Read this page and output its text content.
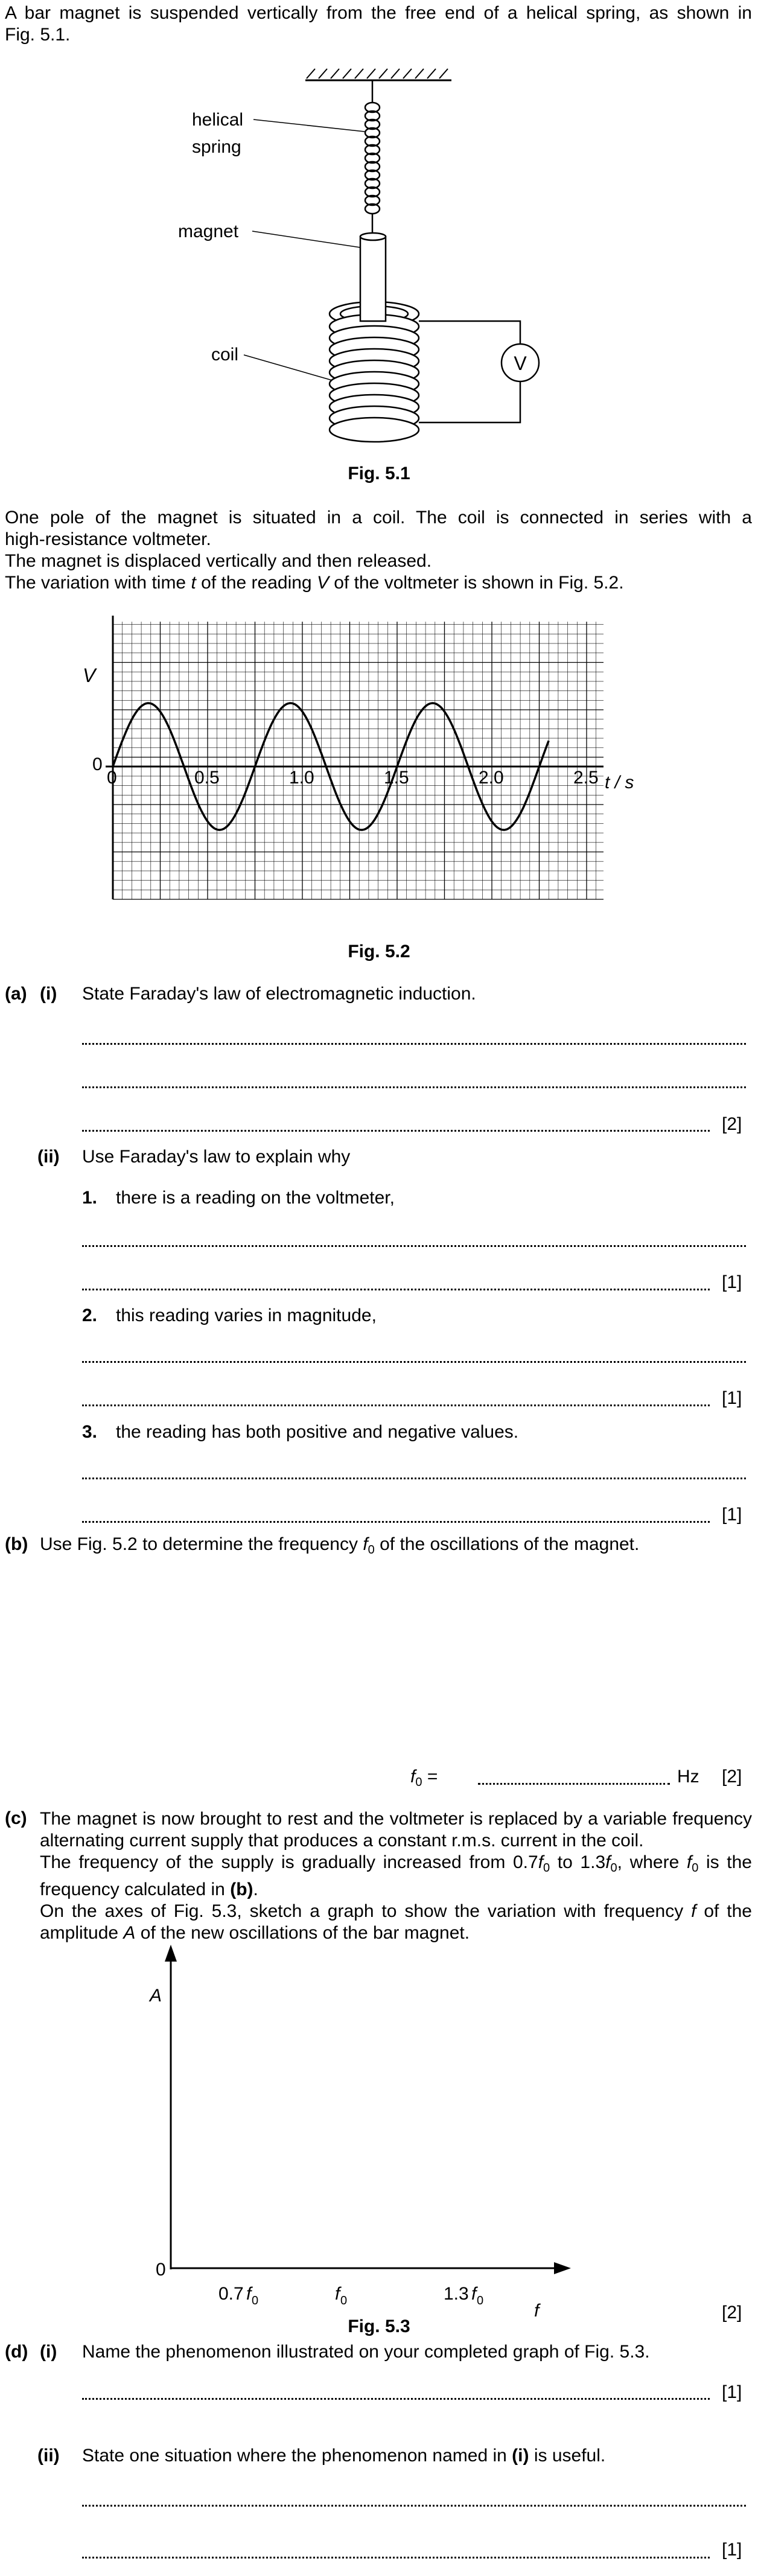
A bar magnet is suspended vertically from the free end of a helical spring, as shown in
Fig. 5.1.
V
helical
spring
magnet
coil
Fig. 5.1
One pole of the magnet is situated in a coil. The coil is connected in series with a
high-resistance voltmeter.
The magnet is displaced vertically and then released.
The variation with time t of the reading V of the voltmeter is shown in Fig. 5.2.
0	0.5	1.0	1.5	2.0	2.5
0
V
t / s
Fig. 5.2
(a) (i) State Faraday's law of electromagnetic induction.
[2]
(ii) Use Faraday's law to explain why
1. there is a reading on the voltmeter,
[1]
2. this reading varies in magnitude,
[1]
3. the reading has both positive and negative values.
[1]
(b) Use Fig. 5.2 to determine the frequency $f_0$ of the oscillations of the magnet.
$f_0$ =	Hz [2]
(c) The magnet is now brought to rest and the voltmeter is replaced by a variable frequency
alternating current supply that produces a constant r.m.s. current in the coil.
The frequency of the supply is gradually increased from $0.7f_0$ to $1.3f_0$, where $f_0$ is the
frequency calculated in (b).
On the axes of Fig. 5.3, sketch a graph to show the variation with frequency f of the
amplitude A of the new oscillations of the bar magnet.
A
0
f
0.7 f 0	f 0	1.3 f 0
Fig. 5.3
[2]
(d) (i) Name the phenomenon illustrated on your completed graph of Fig. 5.3.
[1]
(ii) State one situation where the phenomenon named in (i) is useful.
[1]
